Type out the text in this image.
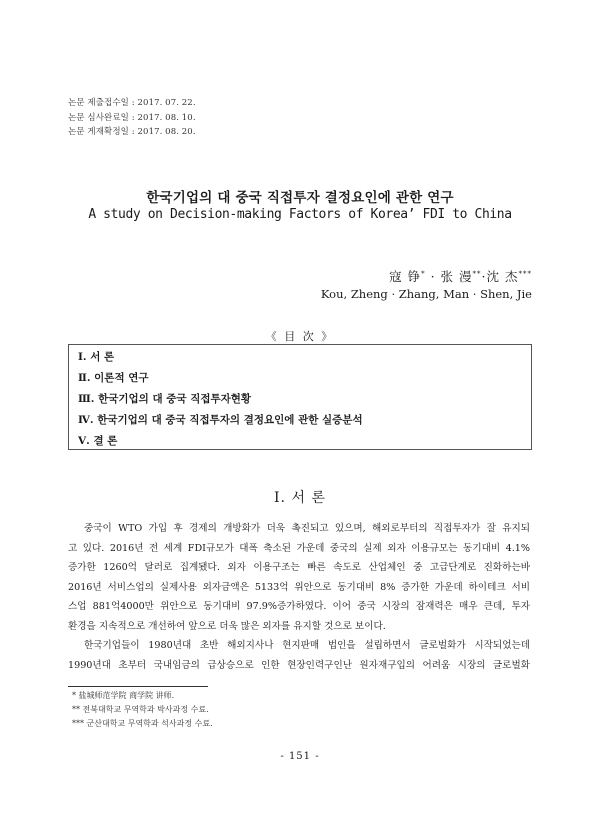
논문 제출접수일 : 2017. 07. 22.
논문 심사완료일 : 2017. 08. 10.
논문 게재확정일 : 2017. 08. 20.
한국기업의 대 중국 직접투자 결정요인에 관한 연구
A study on Decision-making Factors of Korea’ FDI to China
寇 铮* · 张 漫**·沈 杰***
Kou, Zheng · Zhang, Man · Shen, Jie
《 目 次 》
Ⅰ. 서 론
Ⅱ. 이론적 연구
Ⅲ. 한국기업의 대 중국 직접투자현황
Ⅳ. 한국기업의 대 중국 직접투자의 결정요인에 관한 실증분석
Ⅴ. 결 론
Ⅰ. 서 론
중국이 WTO 가입 후 경제의 개방화가 더욱 촉진되고 있으며, 해외로부터의 직접투자가 잘 유지되
고 있다. 2016년 전 세계 FDI규모가 대폭 축소된 가운데 중국의 실제 외자 이용규모는 동기대비 4.1%
증가한 1260억 달러로 집계됐다. 외자 이용구조는 빠른 속도로 산업체인 중 고급단계로 진화하는바
2016년 서비스업의 실제사용 외자금액은 5133억 위안으로 동기대비 8% 증가한 가운데 하이테크 서비
스업 881억4000만 위안으로 동기대비 97.9%증가하였다. 이어 중국 시장의 잠재력은 매우 큰데, 투자
환경을 지속적으로 개선하여 앞으로 더욱 많은 외자를 유지할 것으로 보이다.
한국기업들이 1980년대 초반 해외지사나 현지판매 법인을 설립하면서 글로벌화가 시작되었는데
1990년대 초부터 국내임금의 급상승으로 인한 현장인력구인난 원자재구입의 어려움 시장의 글로벌화
* 盐城师范学院 商学院 讲师.
** 전북대학교 무역학과 박사과정 수료.
*** 군산대학교 무역학과 석사과정 수료.
- 151 -
